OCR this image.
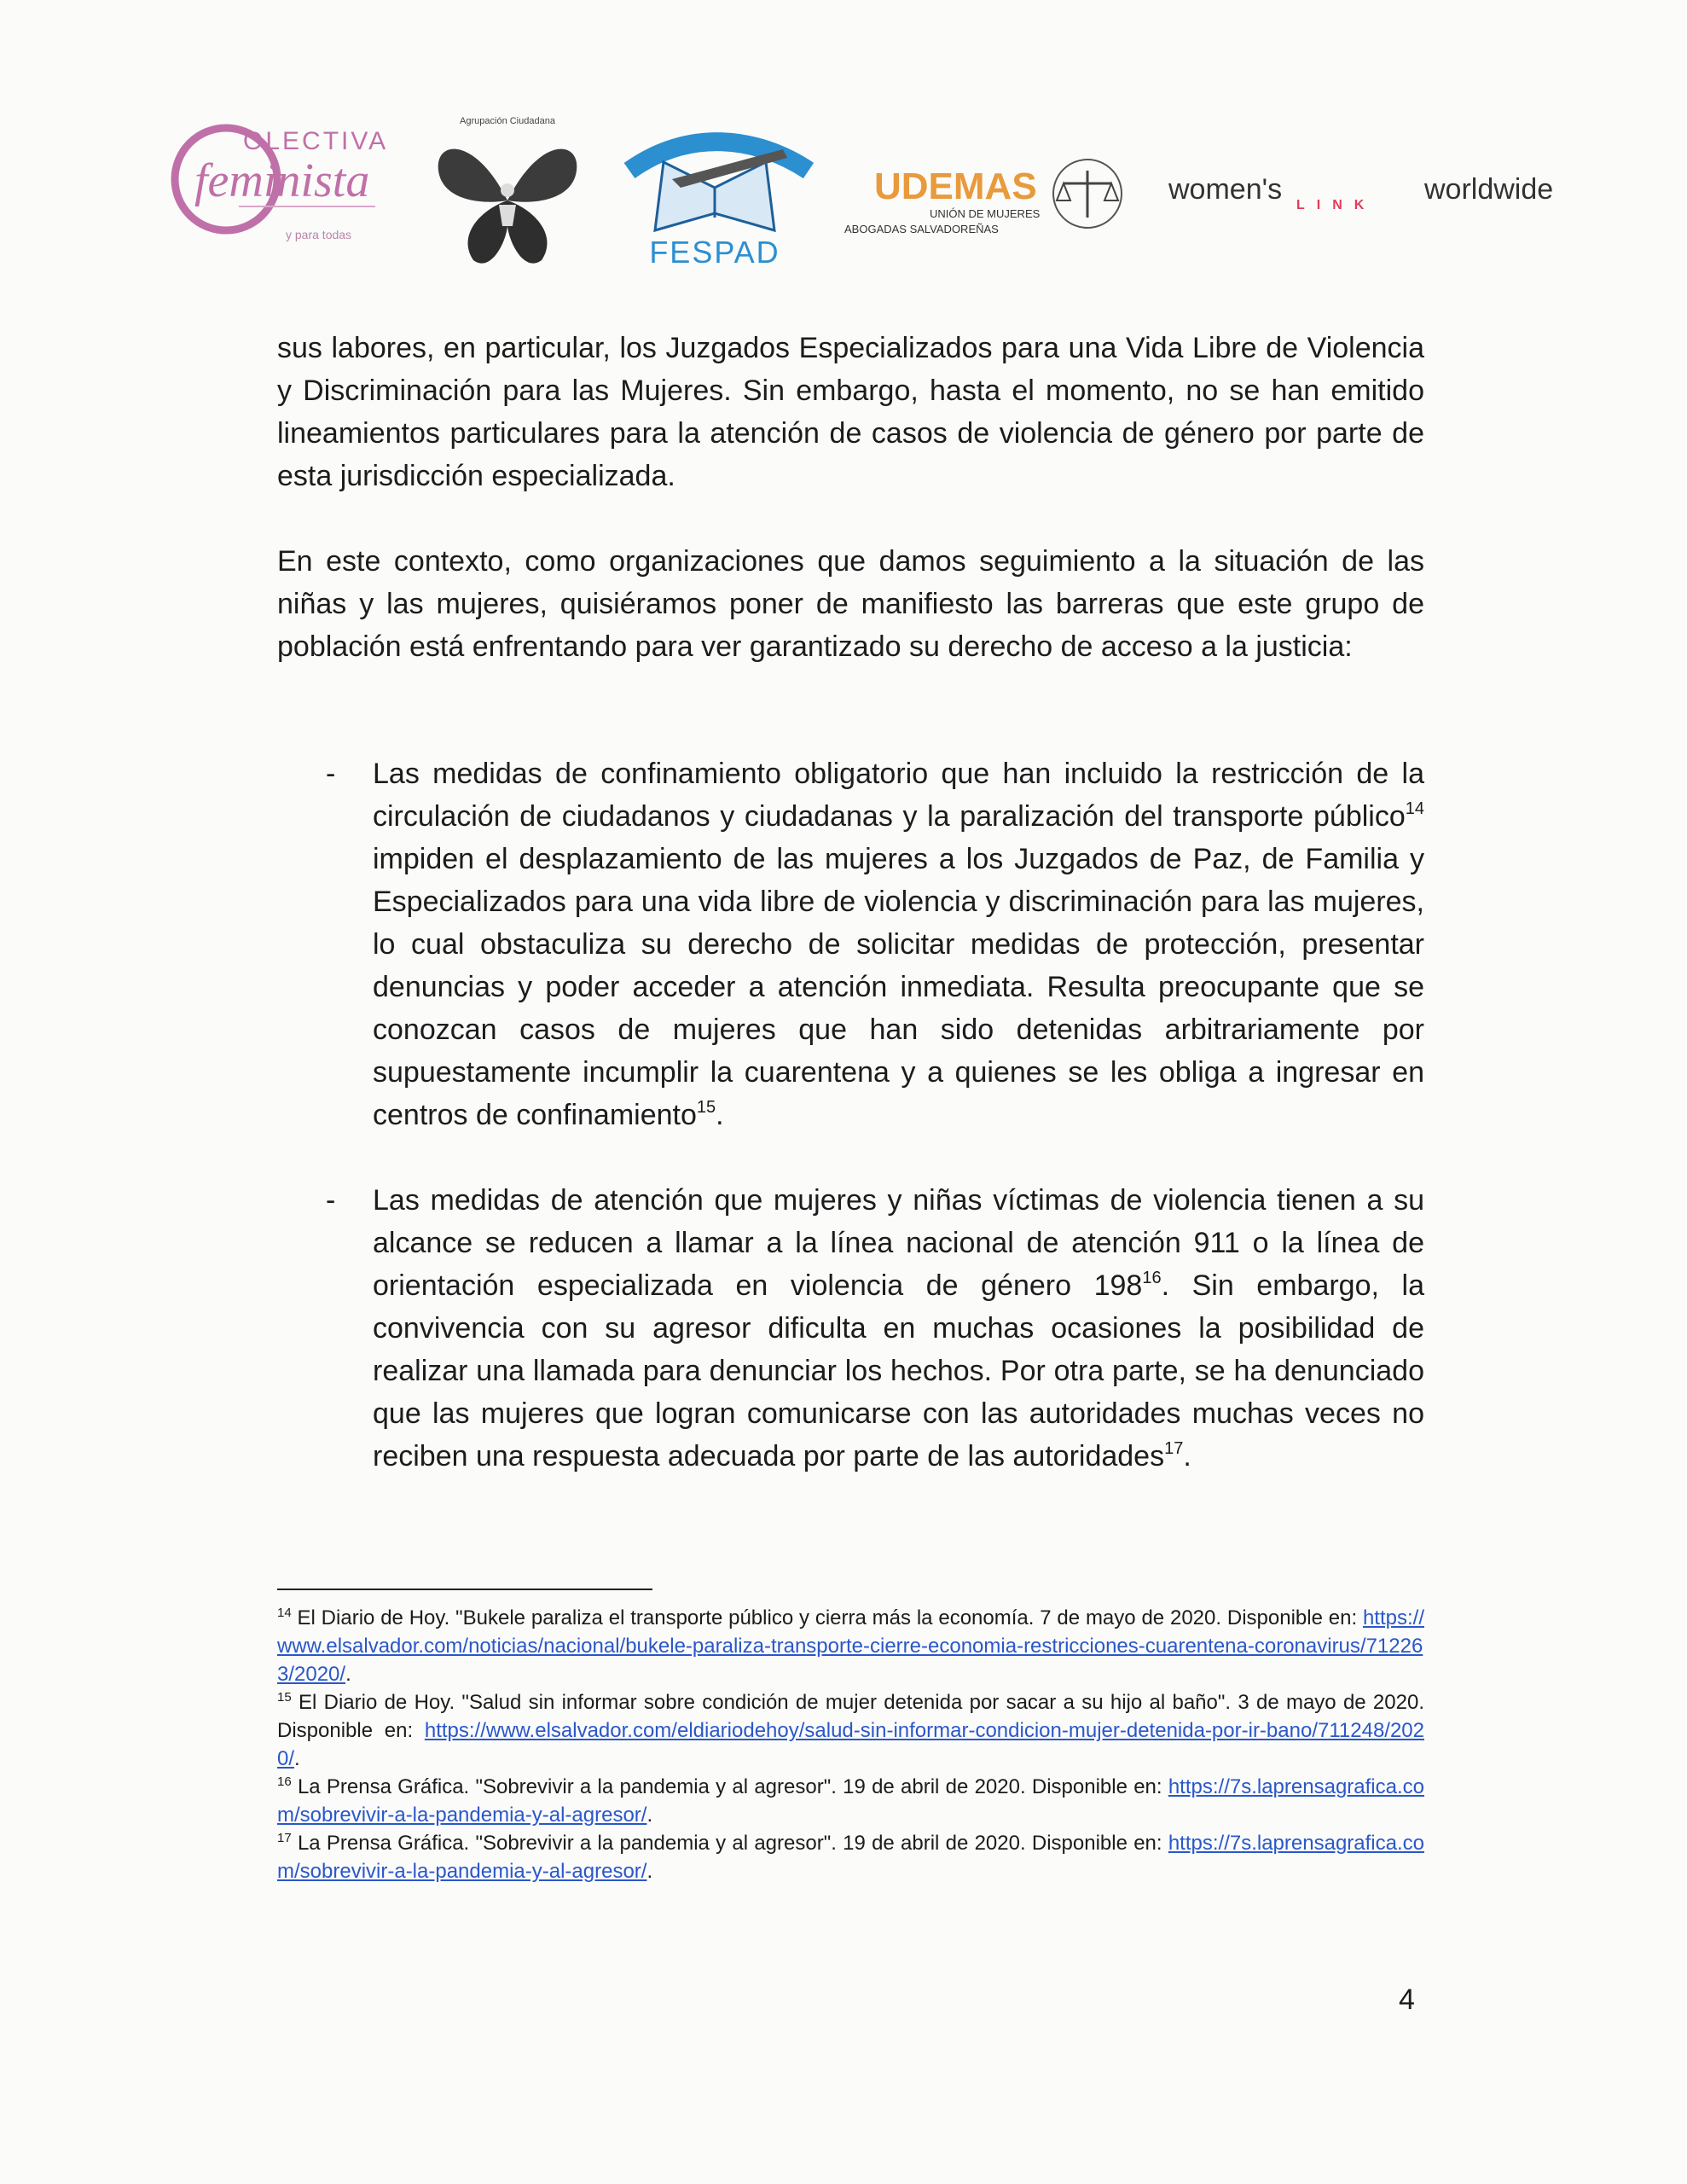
OLECTIVA
feminista
y para todas
Agrupación Ciudadana
FESPAD
UDEMAS
UNIÓN DE MUJERES
ABOGADAS SALVADOREÑAS
women's LINK worldwide

sus labores, en particular, los Juzgados Especializados para una Vida Libre de Violencia y Discriminación para las Mujeres. Sin embargo, hasta el momento, no se han emitido lineamientos particulares para la atención de casos de violencia de género por parte de esta jurisdicción especializada.

En este contexto, como organizaciones que damos seguimiento a la situación de las niñas y las mujeres, quisiéramos poner de manifiesto las barreras que este grupo de población está enfrentando para ver garantizado su derecho de acceso a la justicia:

- Las medidas de confinamiento obligatorio que han incluido la restricción de la circulación de ciudadanos y ciudadanas y la paralización del transporte público$^{14}$ impiden el desplazamiento de las mujeres a los Juzgados de Paz, de Familia y Especializados para una vida libre de violencia y discriminación para las mujeres, lo cual obstaculiza su derecho de solicitar medidas de protección, presentar denuncias y poder acceder a atención inmediata. Resulta preocupante que se conozcan casos de mujeres que han sido detenidas arbitrariamente por supuestamente incumplir la cuarentena y a quienes se les obliga a ingresar en centros de confinamiento$^{15}$.

- Las medidas de atención que mujeres y niñas víctimas de violencia tienen a su alcance se reducen a llamar a la línea nacional de atención 911 o la línea de orientación especializada en violencia de género $198^{16}$. Sin embargo, la convivencia con su agresor dificulta en muchas ocasiones la posibilidad de realizar una llamada para denunciar los hechos. Por otra parte, se ha denunciado que las mujeres que logran comunicarse con las autoridades muchas veces no reciben una respuesta adecuada por parte de las autoridades$^{17}$.

$^{14}$ El Diario de Hoy. "Bukele paraliza el transporte público y cierra más la economía. 7 de mayo de 2020. Disponible en: https://www.elsalvador.com/noticias/nacional/bukele-paraliza-transporte-cierre-economia-restricciones-cuarentena-coronavirus/712263/2020/.

$^{15}$ El Diario de Hoy. "Salud sin informar sobre condición de mujer detenida por sacar a su hijo al baño". 3 de mayo de 2020. Disponible en: https://www.elsalvador.com/eldiariodehoy/salud-sin-informar-condicion-mujer-detenida-por-ir-bano/711248/2020/.

$^{16}$ La Prensa Gráfica. "Sobrevivir a la pandemia y al agresor". 19 de abril de 2020. Disponible en: https://7s.laprensagrafica.com/sobrevivir-a-la-pandemia-y-al-agresor/.

$^{17}$ La Prensa Gráfica. "Sobrevivir a la pandemia y al agresor". 19 de abril de 2020. Disponible en: https://7s.laprensagrafica.com/sobrevivir-a-la-pandemia-y-al-agresor/.

4
